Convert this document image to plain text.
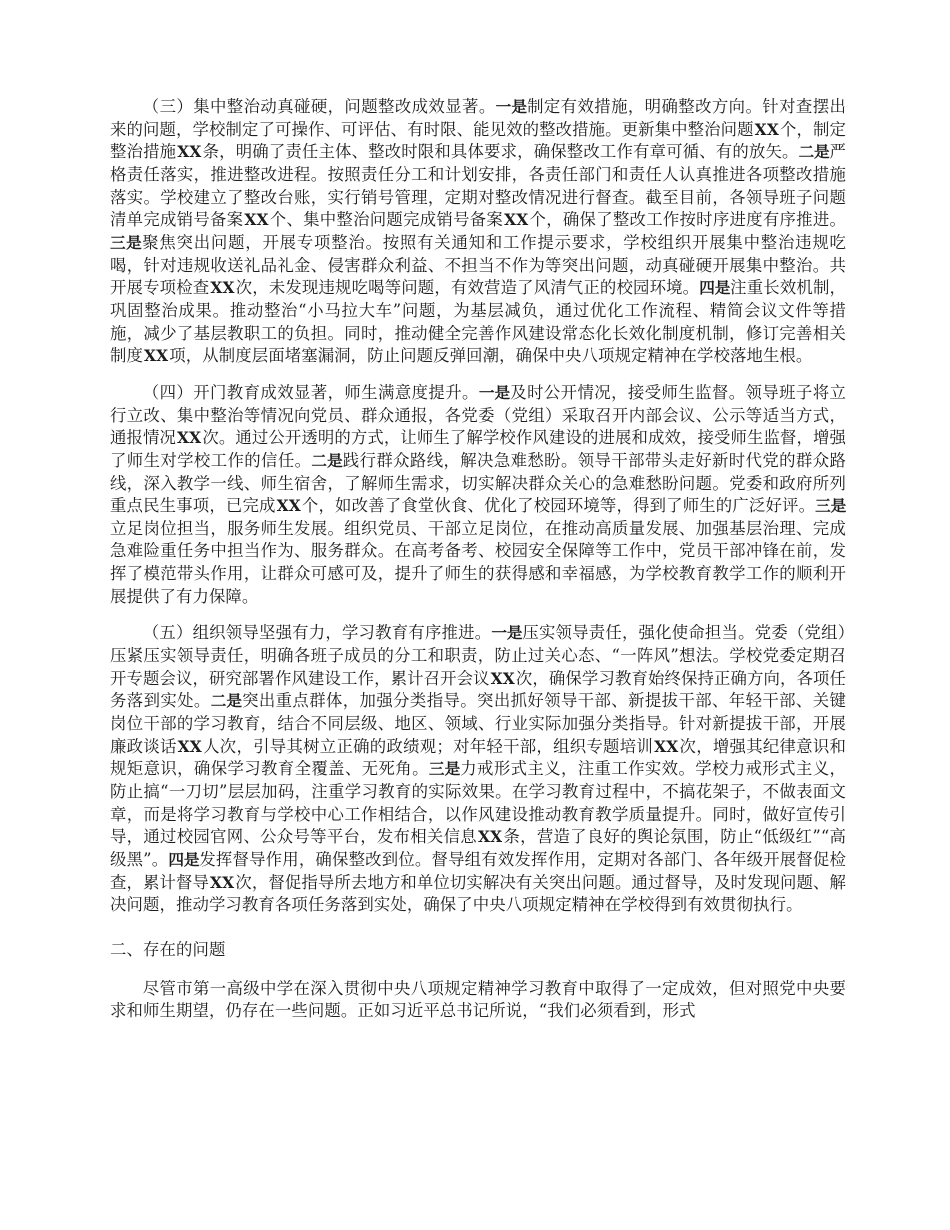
（三）集中整治动真碰硬，问题整改成效显著。一是制定有效措施，明确整改方向。针对查摆出来的问题，学校制定了可操作、可评估、有时限、能见效的整改措施。更新集中整治问题XX个，制定整治措施XX条，明确了责任主体、整改时限和具体要求，确保整改工作有章可循、有的放矢。二是严格责任落实，推进整改进程。按照责任分工和计划安排，各责任部门和责任人认真推进各项整改措施落实。学校建立了整改台账，实行销号管理，定期对整改情况进行督查。截至目前，各领导班子问题清单完成销号备案XX个、集中整治问题完成销号备案XX个，确保了整改工作按时序进度有序推进。三是聚焦突出问题，开展专项整治。按照有关通知和工作提示要求，学校组织开展集中整治违规吃喝，针对违规收送礼品礼金、侵害群众利益、不担当不作为等突出问题，动真碰硬开展集中整治。共开展专项检查XX次，未发现违规吃喝等问题，有效营造了风清气正的校园环境。四是注重长效机制，巩固整治成果。推动整治“小马拉大车”问题，为基层减负，通过优化工作流程、精简会议文件等措施，减少了基层教职工的负担。同时，推动健全完善作风建设常态化长效化制度机制，修订完善相关制度XX项，从制度层面堵塞漏洞，防止问题反弹回潮，确保中央八项规定精神在学校落地生根。

（四）开门教育成效显著，师生满意度提升。一是及时公开情况，接受师生监督。领导班子将立行立改、集中整治等情况向党员、群众通报，各党委（党组）采取召开内部会议、公示等适当方式，通报情况XX次。通过公开透明的方式，让师生了解学校作风建设的进展和成效，接受师生监督，增强了师生对学校工作的信任。二是践行群众路线，解决急难愁盼。领导干部带头走好新时代党的群众路线，深入教学一线、师生宿舍，了解师生需求，切实解决群众关心的急难愁盼问题。党委和政府所列重点民生事项，已完成XX个，如改善了食堂伙食、优化了校园环境等，得到了师生的广泛好评。三是立足岗位担当，服务师生发展。组织党员、干部立足岗位，在推动高质量发展、加强基层治理、完成急难险重任务中担当作为、服务群众。在高考备考、校园安全保障等工作中，党员干部冲锋在前，发挥了模范带头作用，让群众可感可及，提升了师生的获得感和幸福感，为学校教育教学工作的顺利开展提供了有力保障。

（五）组织领导坚强有力，学习教育有序推进。一是压实领导责任，强化使命担当。党委（党组）压紧压实领导责任，明确各班子成员的分工和职责，防止过关心态、“一阵风”想法。学校党委定期召开专题会议，研究部署作风建设工作，累计召开会议XX次，确保学习教育始终保持正确方向，各项任务落到实处。二是突出重点群体，加强分类指导。突出抓好领导干部、新提拔干部、年轻干部、关键岗位干部的学习教育，结合不同层级、地区、领域、行业实际加强分类指导。针对新提拔干部，开展廉政谈话XX人次，引导其树立正确的政绩观；对年轻干部，组织专题培训XX次，增强其纪律意识和规矩意识，确保学习教育全覆盖、无死角。三是力戒形式主义，注重工作实效。学校力戒形式主义，防止搞“一刀切”层层加码，注重学习教育的实际效果。在学习教育过程中，不搞花架子，不做表面文章，而是将学习教育与学校中心工作相结合，以作风建设推动教育教学质量提升。同时，做好宣传引导，通过校园官网、公众号等平台，发布相关信息XX条，营造了良好的舆论氛围，防止“低级红”“高级黑”。四是发挥督导作用，确保整改到位。督导组有效发挥作用，定期对各部门、各年级开展督促检查，累计督导XX次，督促指导所去地方和单位切实解决有关突出问题。通过督导，及时发现问题、解决问题，推动学习教育各项任务落到实处，确保了中央八项规定精神在学校得到有效贯彻执行。

二、存在的问题

尽管市第一高级中学在深入贯彻中央八项规定精神学习教育中取得了一定成效，但对照党中央要求和师生期望，仍存在一些问题。正如习近平总书记所说，“我们必须看到，形式
